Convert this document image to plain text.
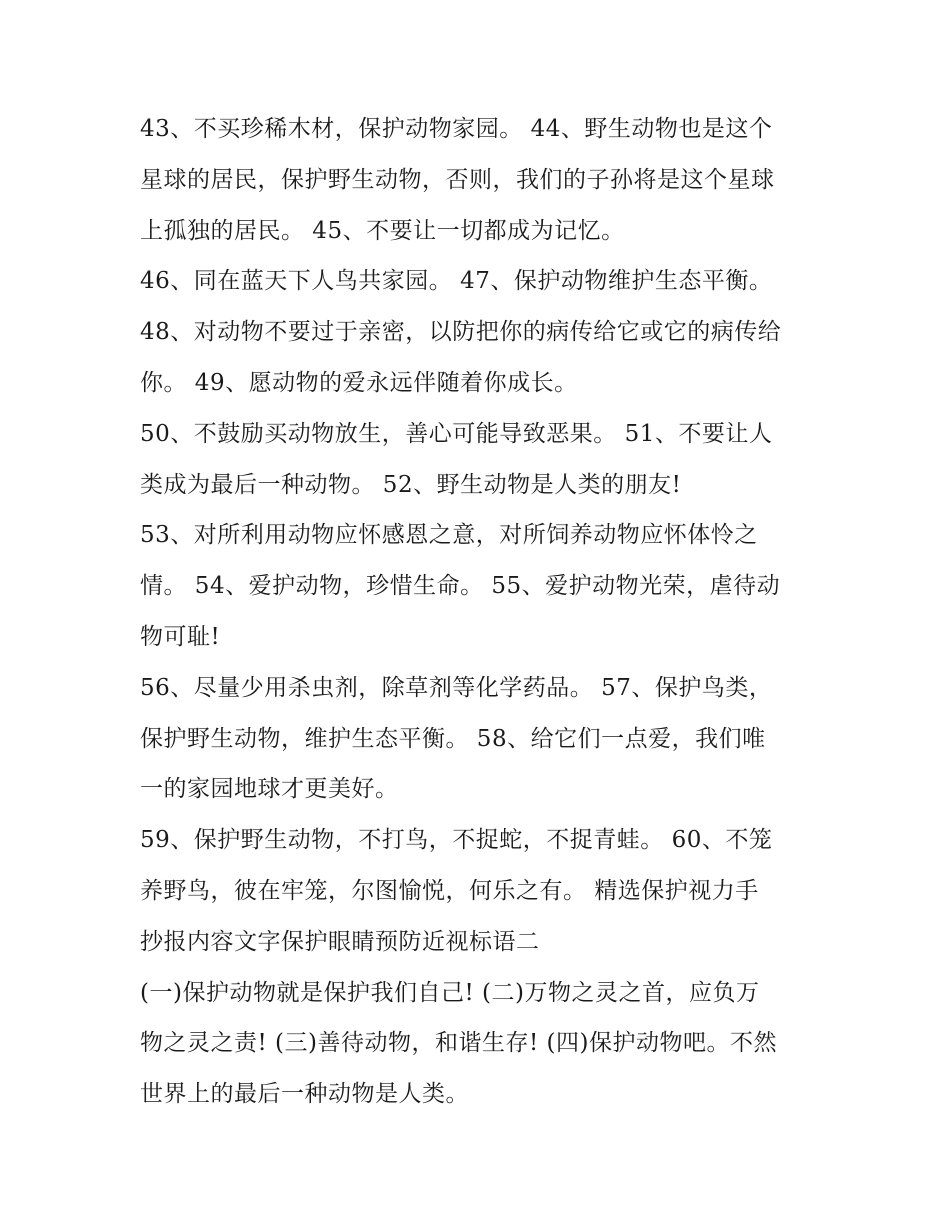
43、不买珍稀木材，保护动物家园。 44、野生动物也是这个
星球的居民，保护野生动物，否则，我们的子孙将是这个星球
上孤独的居民。 45、不要让一切都成为记忆。

46、同在蓝天下人鸟共家园。 47、保护动物维护生态平衡。

48、对动物不要过于亲密，以防把你的病传给它或它的病传给
你。 49、愿动物的爱永远伴随着你成长。

50、不鼓励买动物放生，善心可能导致恶果。 51、不要让人
类成为最后一种动物。 52、野生动物是人类的朋友!

53、对所利用动物应怀感恩之意，对所饲养动物应怀体怜之
情。 54、爱护动物，珍惜生命。 55、爱护动物光荣，虐待动
物可耻!

56、尽量少用杀虫剂，除草剂等化学药品。 57、保护鸟类，
保护野生动物，维护生态平衡。 58、给它们一点爱，我们唯
一的家园地球才更美好。

59、保护野生动物，不打鸟，不捉蛇，不捉青蛙。 60、不笼
养野鸟，彼在牢笼，尔图愉悦，何乐之有。 精选保护视力手
抄报内容文字保护眼睛预防近视标语二

(一)保护动物就是保护我们自己! (二)万物之灵之首，应负万
物之灵之责! (三)善待动物，和谐生存! (四)保护动物吧。不然
世界上的最后一种动物是人类。
